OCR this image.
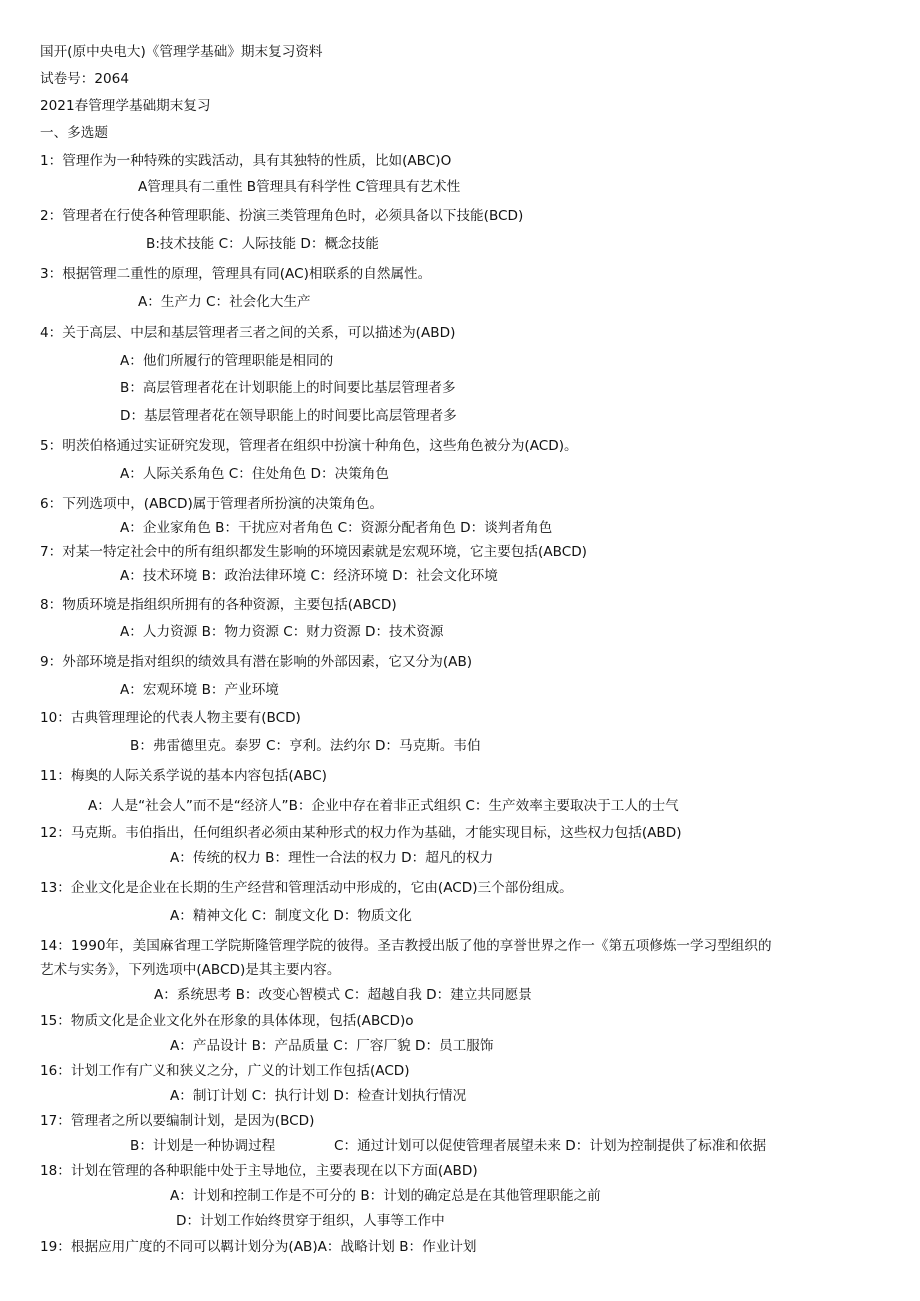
国开(原中央电大)《管理学基础》期末复习资料
试卷号：2064
2021春管理学基础期末复习
一、多选题
1：管理作为一种特殊的实践活动，具有其独特的性质，比如(ABC)O
A管理具有二重性 B管理具有科学性 C管理具有艺术性
2：管理者在行使各种管理职能、扮演三类管理角色时，必须具备以下技能(BCD)
B:技术技能 C：人际技能 D：概念技能
3：根据管理二重性的原理，管理具有同(AC)相联系的自然属性。
A：生产力 C：社会化大生产
4：关于高层、中层和基层管理者三者之间的关系，可以描述为(ABD)
A：他们所履行的管理职能是相同的
B：高层管理者花在计划职能上的时间要比基层管理者多
D：基层管理者花在领导职能上的时间要比高层管理者多
5：明茨伯格通过实证研究发现，管理者在组织中扮演十种角色，这些角色被分为(ACD)。
A：人际关系角色 C：住处角色 D：决策角色
6：下列选项中，(ABCD)属于管理者所扮演的决策角色。
A：企业家角色 B：干扰应对者角色 C：资源分配者角色 D：谈判者角色
7：对某一特定社会中的所有组织都发生影响的环境因素就是宏观环境，它主要包括(ABCD)
A：技术环境 B：政治法律环境 C：经济环境 D：社会文化环境
8：物质环境是指组织所拥有的各种资源，主要包括(ABCD)
A：人力资源 B：物力资源 C：财力资源 D：技术资源
9：外部环境是指对组织的绩效具有潜在影响的外部因素，它又分为(AB)
A：宏观环境 B：产业环境
10：古典管理理论的代表人物主要有(BCD)
B：弗雷德里克。泰罗 C：亨利。法约尔 D：马克斯。韦伯
11：梅奥的人际关系学说的基本内容包括(ABC)
A：人是“社会人”而不是“经济人”B：企业中存在着非正式组织 C：生产效率主要取决于工人的士气
12：马克斯。韦伯指出，任何组织者必须由某种形式的权力作为基础，才能实现目标，这些权力包括(ABD)
A：传统的权力 B：理性一合法的权力 D：超凡的权力
13：企业文化是企业在长期的生产经营和管理活动中形成的，它由(ACD)三个部份组成。
A：精神文化 C：制度文化 D：物质文化
14：1990年，美国麻省理工学院斯隆管理学院的彼得。圣吉教授出版了他的享誉世界之作一《第五项修炼一学习型组织的
艺术与实务》，下列选项中(ABCD)是其主要内容。
A：系统思考 B：改变心智模式 C：超越自我 D：建立共同愿景
15：物质文化是企业文化外在形象的具体体现，包括(ABCD)o
A：产品设计 B：产品质量 C：厂容厂貌 D：员工服饰
16：计划工作有广义和狭义之分，广义的计划工作包括(ACD)
A：制订计划 C：执行计划 D：检查计划执行情况
17：管理者之所以要编制计划，是因为(BCD)
B：计划是一种协调过程	C：通过计划可以促使管理者展望未来 D：计划为控制提供了标准和依据
18：计划在管理的各种职能中处于主导地位，主要表现在以下方面(ABD)
A：计划和控制工作是不可分的 B：计划的确定总是在其他管理职能之前
D：计划工作始终贯穿于组织，人事等工作中
19：根据应用广度的不同可以羁计划分为(AB)A：战略计划 B：作业计划
